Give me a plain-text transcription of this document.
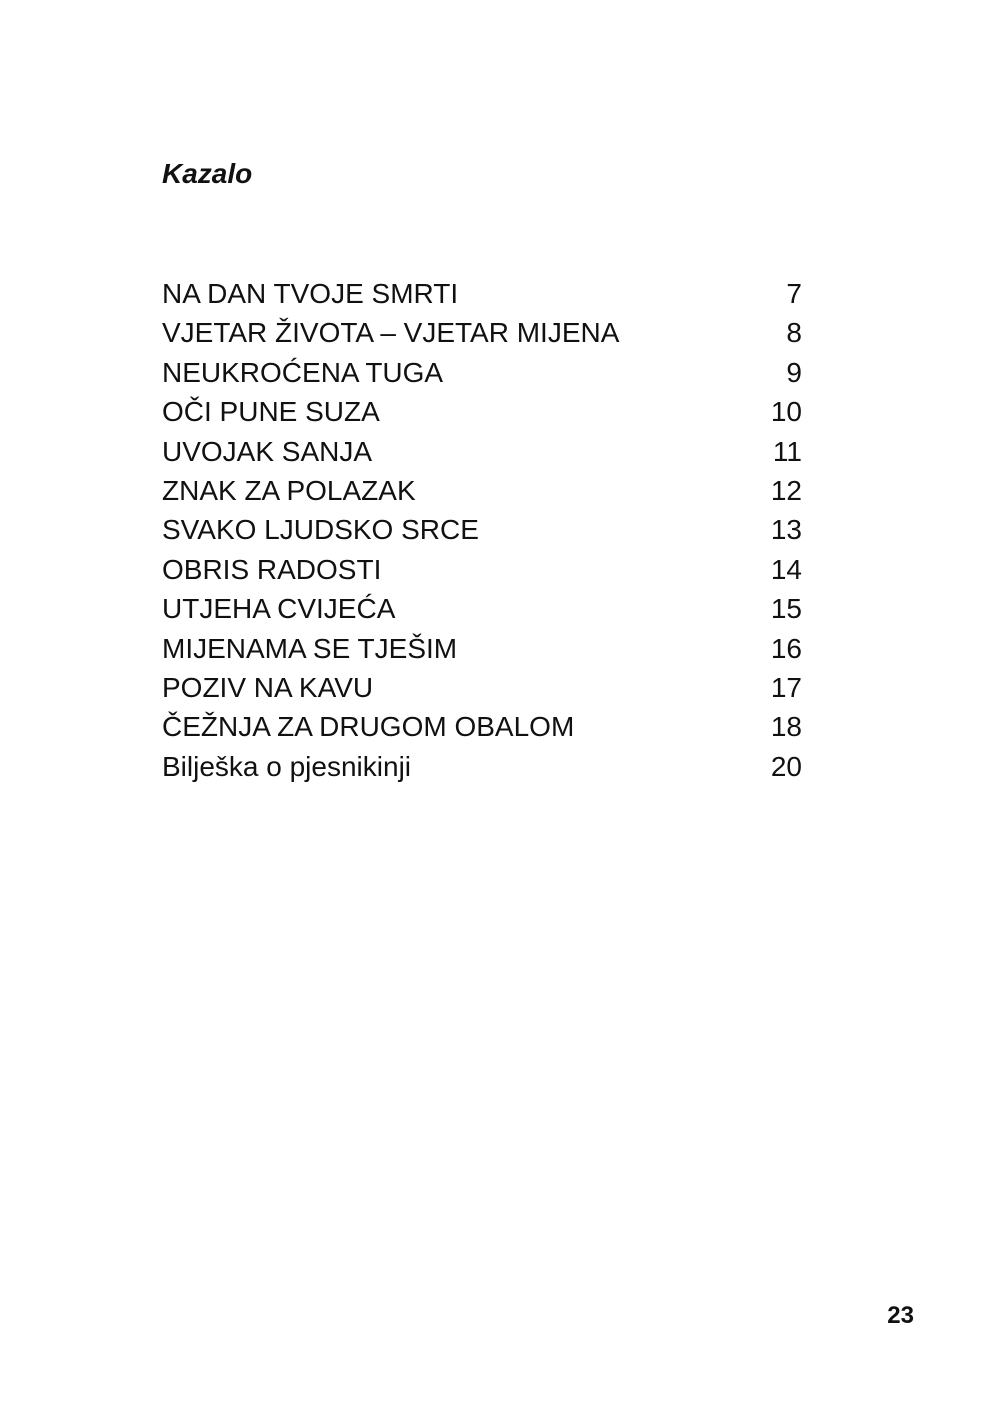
Kazalo
NA DAN TVOJE SMRTI	7
VJETAR ŽIVOTA – VJETAR MIJENA	8
NEUKROĆENA TUGA	9
OČI PUNE SUZA	10
UVOJAK SANJA	11
ZNAK ZA POLAZAK	12
SVAKO LJUDSKO SRCE	13
OBRIS RADOSTI	14
UTJEHA CVIJEĆA	15
MIJENAMA SE TJEŠIM	16
POZIV NA KAVU	17
ČEŽNJA ZA DRUGOM OBALOM	18
Bilješka o pjesnikinji	20
23
